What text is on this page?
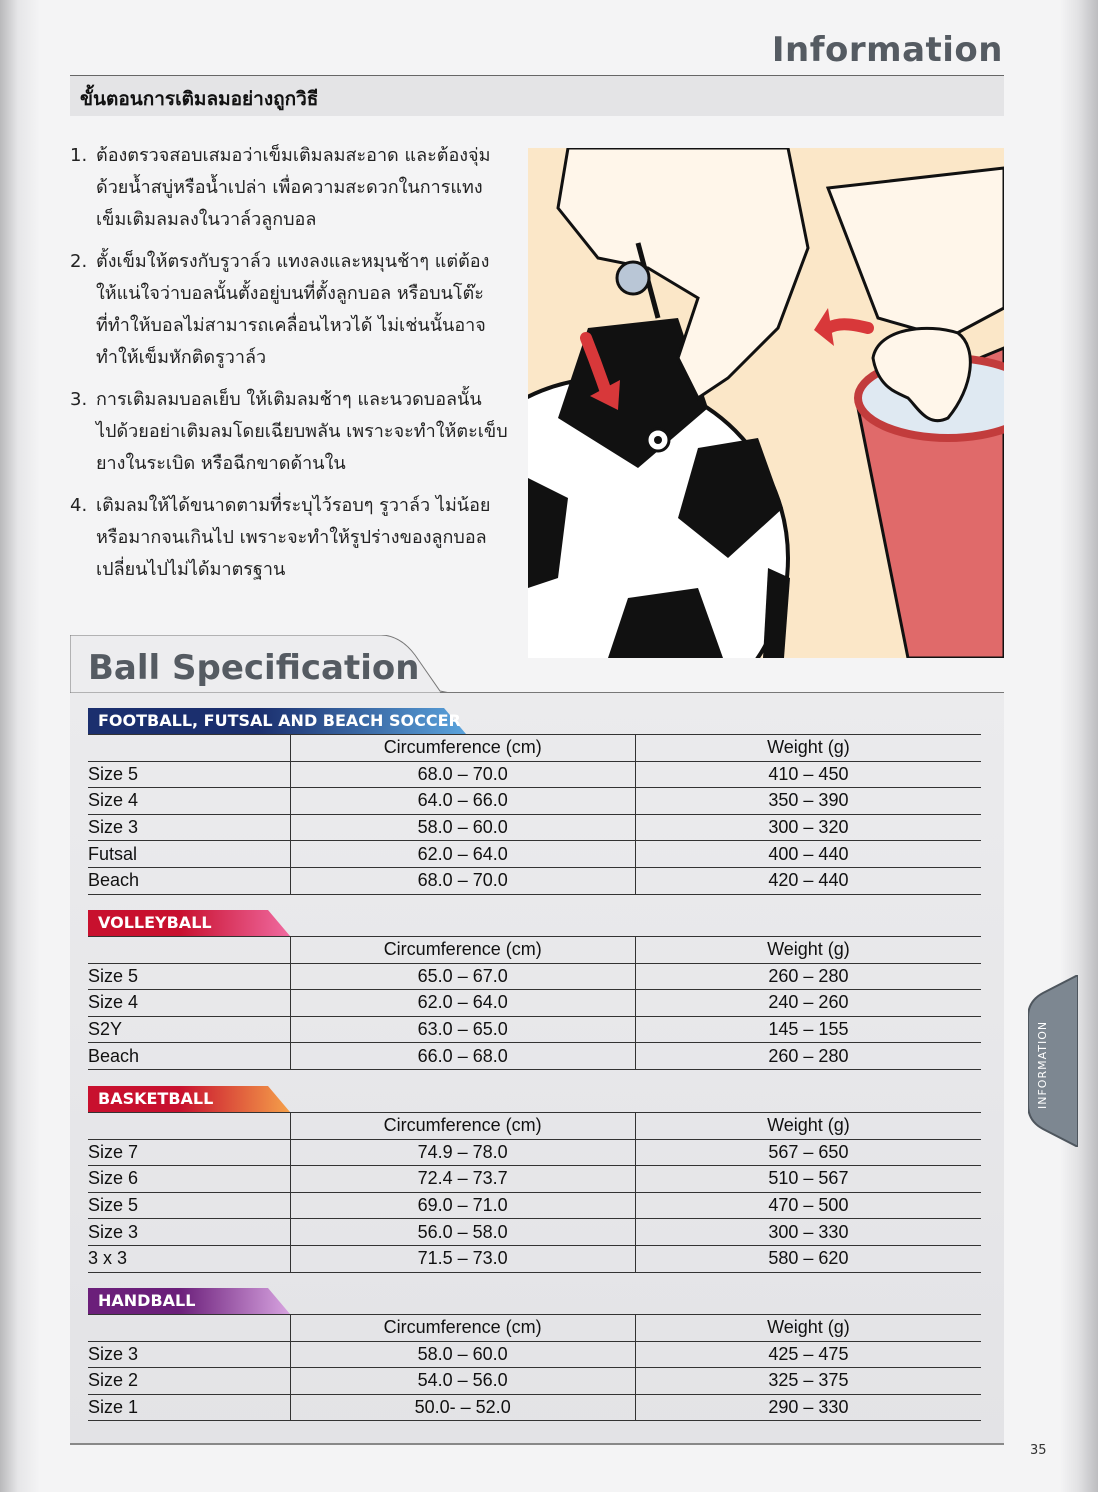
Information
ขั้นตอนการเติมลมอย่างถูกวิธี
1. ต้องตรวจสอบเสมอว่าเข็มเติมลมสะอาด และต้องจุ่ม
ด้วยน้ำสบู่หรือน้ำเปล่า เพื่อความสะดวกในการแทง
เข็มเติมลมลงในวาล์วลูกบอล
2. ตั้งเข็มให้ตรงกับรูวาล์ว แทงลงและหมุนช้าๆ แต่ต้อง
ให้แน่ใจว่าบอลนั้นตั้งอยู่บนที่ตั้งลูกบอล หรือบนโต๊ะ
ที่ทำให้บอลไม่สามารถเคลื่อนไหวได้ ไม่เช่นนั้นอาจ
ทำให้เข็มหักติดรูวาล์ว
3. การเติมลมบอลเย็บ ให้เติมลมช้าๆ และนวดบอลนั้น
ไปด้วยอย่าเติมลมโดยเฉียบพลัน เพราะจะทำให้ตะเข็บ
ยางในระเบิด หรือฉีกขาดด้านใน
4. เติมลมให้ได้ขนาดตามที่ระบุไว้รอบๆ รูวาล์ว ไม่น้อย
หรือมากจนเกินไป เพราะจะทำให้รูปร่างของลูกบอล
เปลี่ยนไปไม่ได้มาตรฐาน
Ball Specification
FOOTBALL, FUTSAL AND BEACH SOCCER
	Circumference (cm)	Weight (g)
Size 5	68.0 – 70.0	410 – 450
Size 4	64.0 – 66.0	350 – 390
Size 3	58.0 – 60.0	300 – 320
Futsal	62.0 – 64.0	400 – 440
Beach	68.0 – 70.0	420 – 440
VOLLEYBALL
	Circumference (cm)	Weight (g)
Size 5	65.0 – 67.0	260 – 280
Size 4	62.0 – 64.0	240 – 260
S2Y	63.0 – 65.0	145 – 155
Beach	66.0 – 68.0	260 – 280
BASKETBALL
	Circumference (cm)	Weight (g)
Size 7	74.9 – 78.0	567 – 650
Size 6	72.4 – 73.7	510 – 567
Size 5	69.0 – 71.0	470 – 500
Size 3	56.0 – 58.0	300 – 330
3 x 3	71.5 – 73.0	580 – 620
HANDBALL
	Circumference (cm)	Weight (g)
Size 3	58.0 – 60.0	425 – 475
Size 2	54.0 – 56.0	325 – 375
Size 1	50.0- – 52.0	290 – 330
INFORMATION
35
